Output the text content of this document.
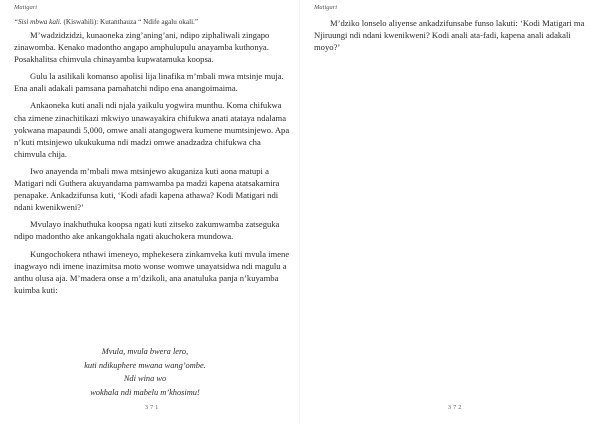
Matigari
“Sisi mbwa kali. (Kiswahili): Kutanthauza “ Ndife agalu okali.”

M’wadzidzidzi, kunaoneka zing’aning’ani, ndipo ziphaliwali zingapo zinawomba. Kenako madontho angapo amphulupulu anayamba kuthonya. Posakhalitsa chimvula chinayamba kupwatamuka koopsa.

Gulu la asilikali komanso apolisi lija linafika m’mbali mwa mtsinje muja. Ena anali adakali pamsana pamahatchi ndipo ena anangoimaima.

Ankaoneka kuti anali ndi njala yaikulu yogwira munthu. Koma chifukwa cha zimene zinachitikazi mkwiyo unawayakira chifukwa anati atataya ndalama yokwana mapaundi 5,000, omwe anali atangogwera kumene mumtsinjewo. Apa n’kuti mtsinjewo ukukukuma ndi madzi omwe anadzadza chifukwa cha chimvula chija.

Iwo anayenda m’mbali mwa mtsinjewo akuganiza kuti aona matupi a Matigari ndi Guthera akuyandama pamwamba pa madzi kapena atatsakamira penapake. Ankadzifunsa kuti, ‘Kodi afadi kapena athawa? Kodi Matigari ndi ndani kwenikweni?’

Mvulayo inakhuthuka koopsa ngati kuti zitseko zakumwamba zatseguka ndipo madontho ake ankangokhala ngati akuchokera mundowa.

Kungochokera nthawi imeneyo, mphekesera zinkamveka kuti mvula imene inagwayo ndi imene inazimitsa moto wonse womwe unayatsidwa ndi magulu a anthu olusa aja. M’madera onse a m’dzikoli, ana anatuluka panja n’kuyamba kuimba kuti:

Mvula, mvula bwera lero,
kuti ndikuphere mwana wang’ombe.
Ndi wina wo
wokhala ndi mabelu m’khosimu!
3 7 1
Matigari

M’dziko lonselo aliyense ankadzifunsabe funso lakuti: ‘Kodi Matigari ma Njiruungi ndi ndani kwenikweni? Kodi anali ata-fadi, kapena anali adakali moyo?’

3 7 2
